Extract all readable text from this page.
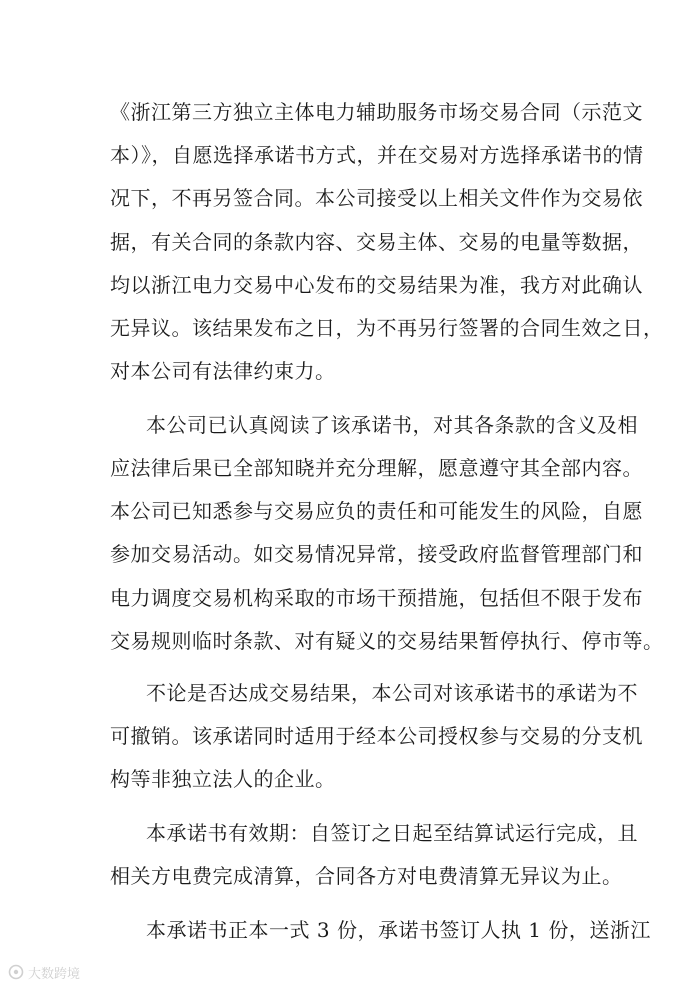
《浙江第三方独立主体电力辅助服务市场交易合同（示范文
本）》，自愿选择承诺书方式，并在交易对方选择承诺书的情
况下，不再另签合同。本公司接受以上相关文件作为交易依
据，有关合同的条款内容、交易主体、交易的电量等数据，
均以浙江电力交易中心发布的交易结果为准，我方对此确认
无异议。该结果发布之日，为不再另行签署的合同生效之日，
对本公司有法律约束力。
本公司已认真阅读了该承诺书，对其各条款的含义及相
应法律后果已全部知晓并充分理解，愿意遵守其全部内容。
本公司已知悉参与交易应负的责任和可能发生的风险，自愿
参加交易活动。如交易情况异常，接受政府监督管理部门和
电力调度交易机构采取的市场干预措施，包括但不限于发布
交易规则临时条款、对有疑义的交易结果暂停执行、停市等。
不论是否达成交易结果，本公司对该承诺书的承诺为不
可撤销。该承诺同时适用于经本公司授权参与交易的分支机
构等非独立法人的企业。
本承诺书有效期：自签订之日起至结算试运行完成，且
相关方电费完成清算，合同各方对电费清算无异议为止。
本承诺书正本一式 3 份，承诺书签订人执 1 份，送浙江
大数跨境
